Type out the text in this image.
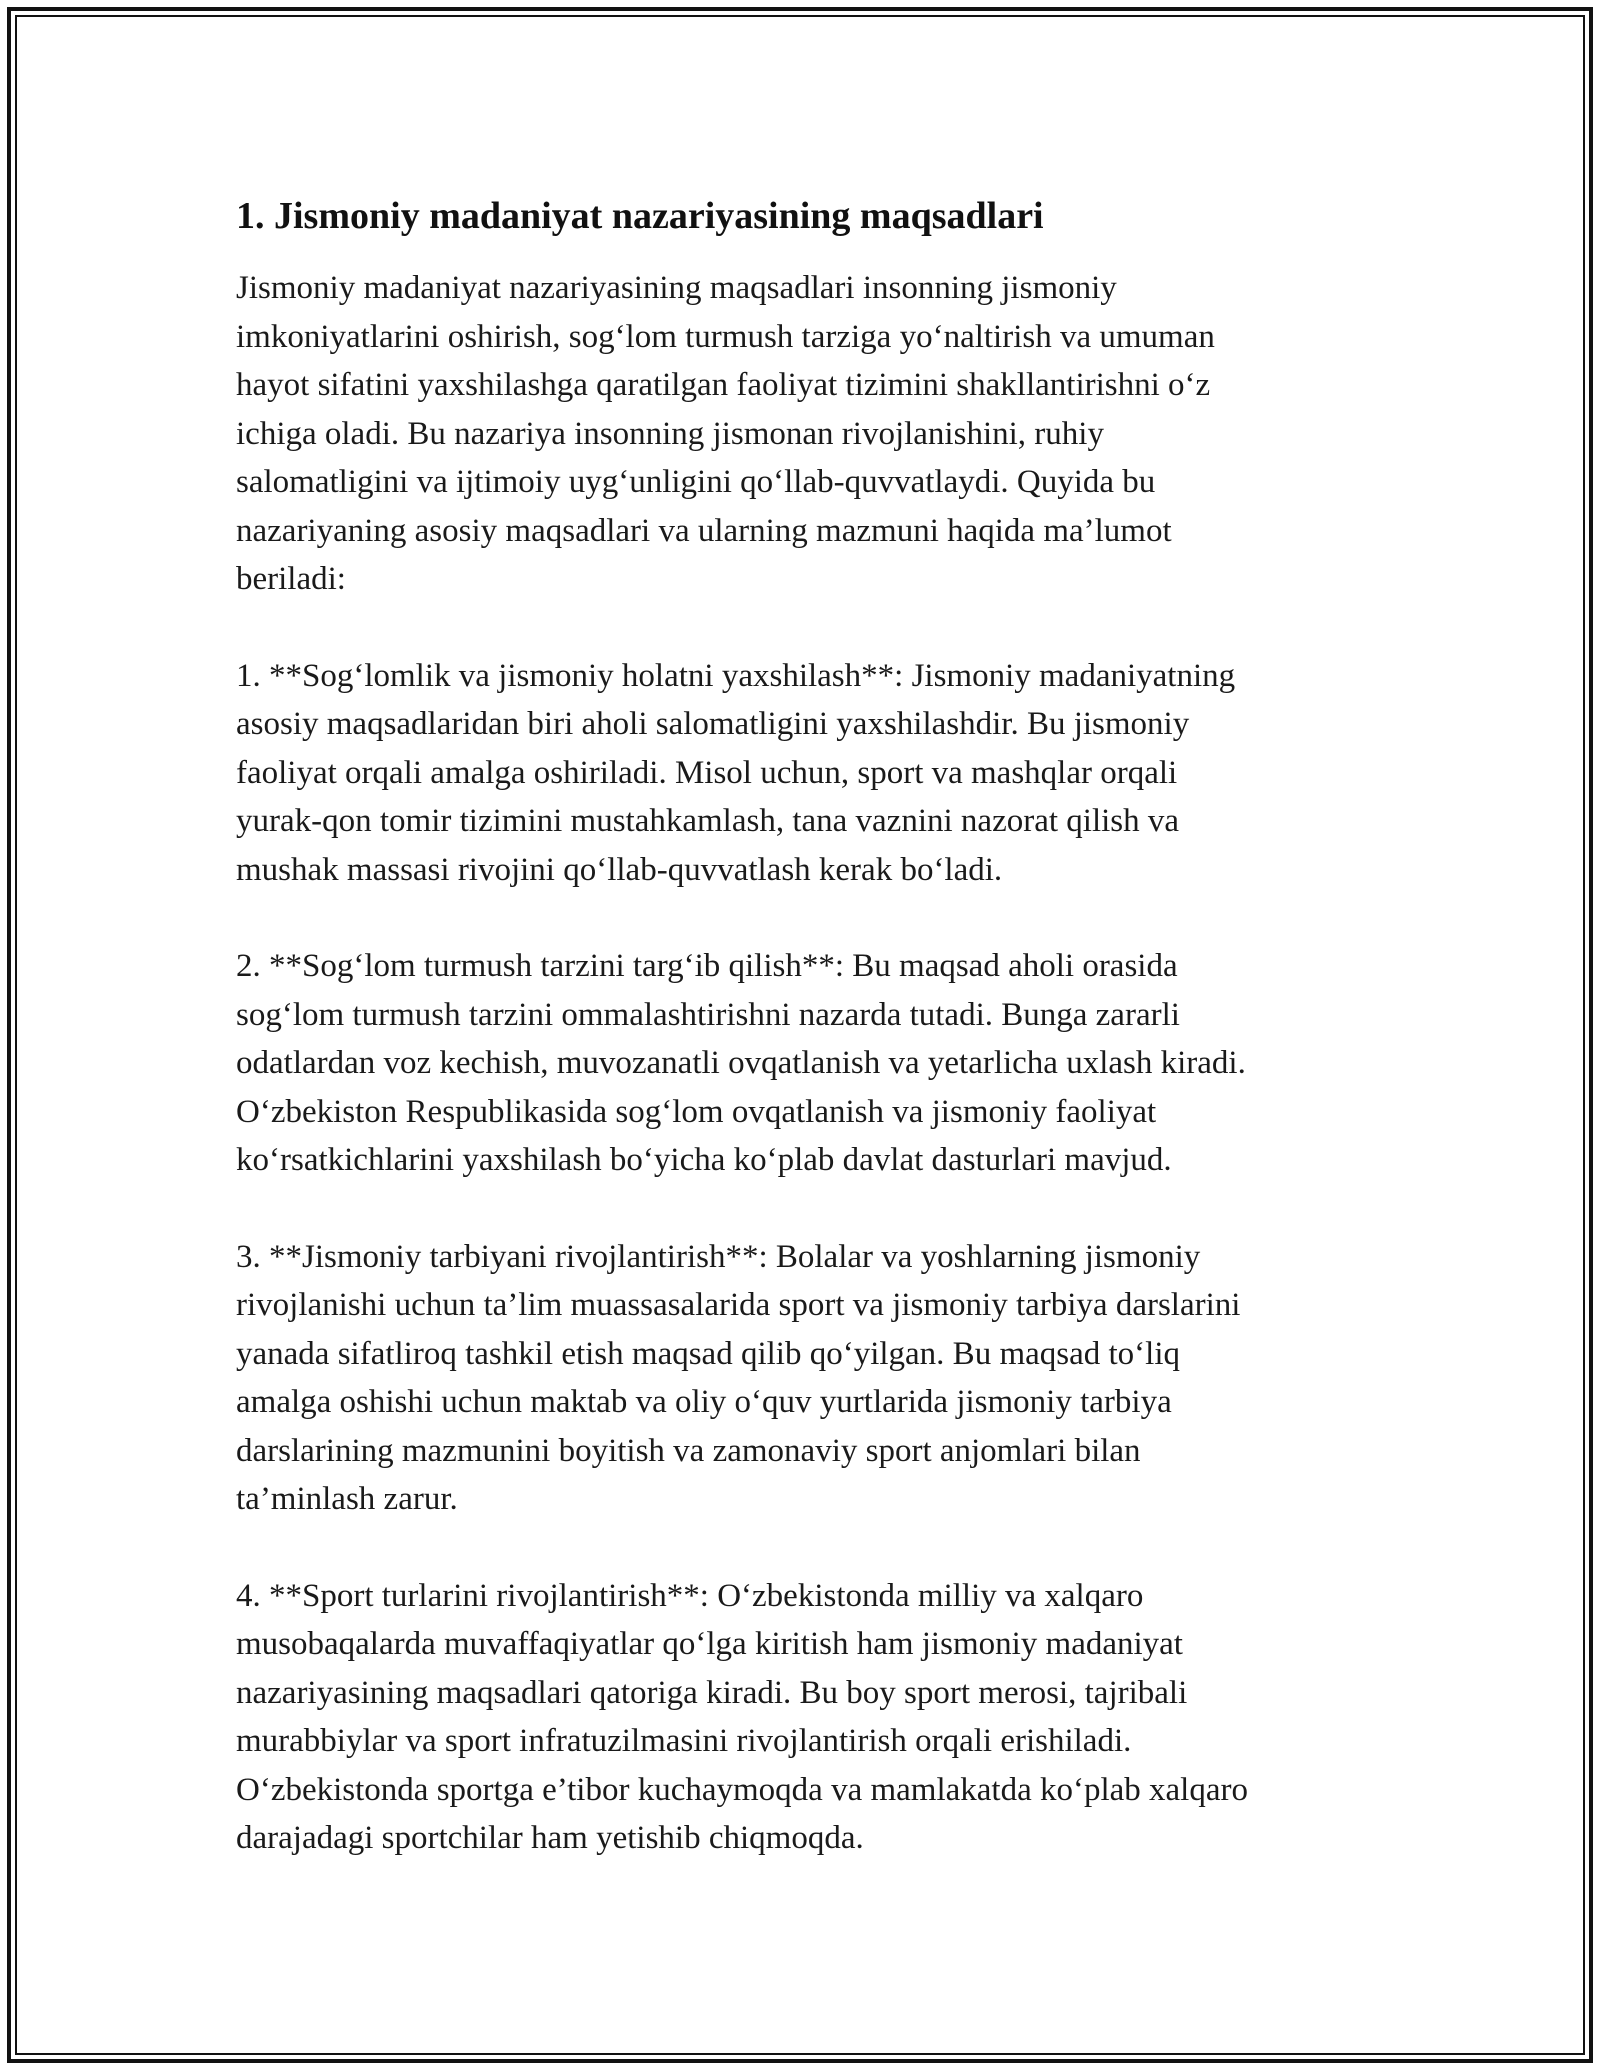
1. Jismoniy madaniyat nazariyasining maqsadlari

Jismoniy madaniyat nazariyasining maqsadlari insonning jismoniy
imkoniyatlarini oshirish, sog‘lom turmush tarziga yo‘naltirish va umuman
hayot sifatini yaxshilashga qaratilgan faoliyat tizimini shakllantirishni o‘z
ichiga oladi. Bu nazariya insonning jismonan rivojlanishini, ruhiy
salomatligini va ijtimoiy uyg‘unligini qo‘llab-quvvatlaydi. Quyida bu
nazariyaning asosiy maqsadlari va ularning mazmuni haqida ma’lumot
beriladi:

1. **Sog‘lomlik va jismoniy holatni yaxshilash**: Jismoniy madaniyatning
asosiy maqsadlaridan biri aholi salomatligini yaxshilashdir. Bu jismoniy
faoliyat orqali amalga oshiriladi. Misol uchun, sport va mashqlar orqali
yurak-qon tomir tizimini mustahkamlash, tana vaznini nazorat qilish va
mushak massasi rivojini qo‘llab-quvvatlash kerak bo‘ladi.

2. **Sog‘lom turmush tarzini targ‘ib qilish**: Bu maqsad aholi orasida
sog‘lom turmush tarzini ommalashtirishni nazarda tutadi. Bunga zararli
odatlardan voz kechish, muvozanatli ovqatlanish va yetarlicha uxlash kiradi.
O‘zbekiston Respublikasida sog‘lom ovqatlanish va jismoniy faoliyat
ko‘rsatkichlarini yaxshilash bo‘yicha ko‘plab davlat dasturlari mavjud.

3. **Jismoniy tarbiyani rivojlantirish**: Bolalar va yoshlarning jismoniy
rivojlanishi uchun ta’lim muassasalarida sport va jismoniy tarbiya darslarini
yanada sifatliroq tashkil etish maqsad qilib qo‘yilgan. Bu maqsad to‘liq
amalga oshishi uchun maktab va oliy o‘quv yurtlarida jismoniy tarbiya
darslarining mazmunini boyitish va zamonaviy sport anjomlari bilan
ta’minlash zarur.

4. **Sport turlarini rivojlantirish**: O‘zbekistonda milliy va xalqaro
musobaqalarda muvaffaqiyatlar qo‘lga kiritish ham jismoniy madaniyat
nazariyasining maqsadlari qatoriga kiradi. Bu boy sport merosi, tajribali
murabbiylar va sport infratuzilmasini rivojlantirish orqali erishiladi.
O‘zbekistonda sportga e’tibor kuchaymoqda va mamlakatda ko‘plab xalqaro
darajadagi sportchilar ham yetishib chiqmoqda.
